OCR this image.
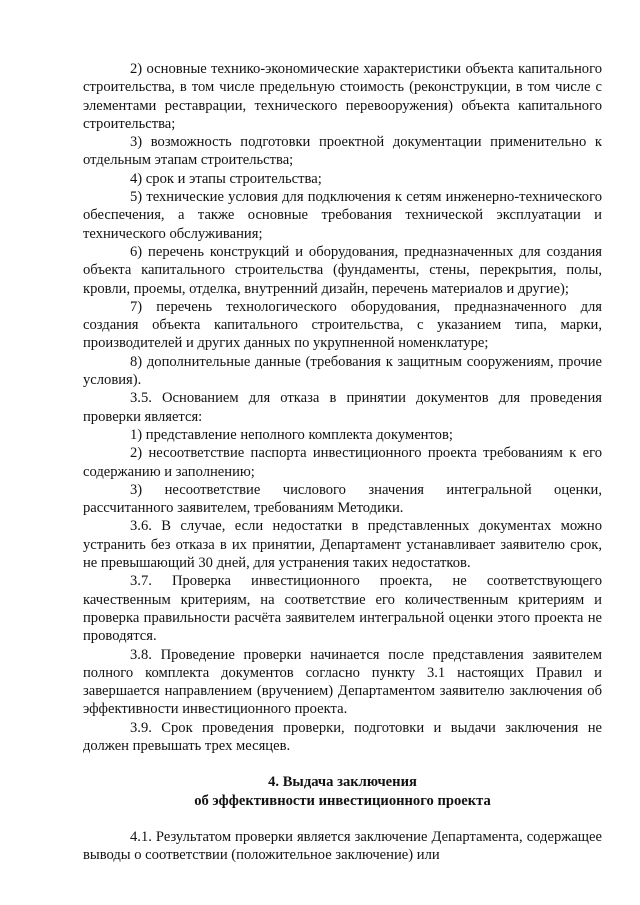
2) основные технико-экономические характеристики объекта капитального строительства, в том числе предельную стоимость (реконструкции, в том числе с элементами реставрации, технического перевооружения) объекта капитального строительства;

3) возможность подготовки проектной документации применительно к отдельным этапам строительства;

4) срок и этапы строительства;

5) технические условия для подключения к сетям инженерно-технического обеспечения, а также основные требования технической эксплуатации и технического обслуживания;

6) перечень конструкций и оборудования, предназначенных для создания объекта капитального строительства (фундаменты, стены, перекрытия, полы, кровли, проемы, отделка, внутренний дизайн, перечень материалов и другие);

7) перечень технологического оборудования, предназначенного для создания объекта капитального строительства, с указанием типа, марки, производителей и других данных по укрупненной номенклатуре;

8) дополнительные данные (требования к защитным сооружениям, прочие условия).

3.5. Основанием для отказа в принятии документов для проведения проверки является:

1) представление неполного комплекта документов;

2) несоответствие паспорта инвестиционного проекта требованиям к его содержанию и заполнению;

3) несоответствие числового значения интегральной оценки, рассчитанного заявителем, требованиям Методики.

3.6. В случае, если недостатки в представленных документах можно устранить без отказа в их принятии, Департамент устанавливает заявителю срок, не превышающий 30 дней, для устранения таких недостатков.

3.7. Проверка инвестиционного проекта, не соответствующего качественным критериям, на соответствие его количественным критериям и проверка правильности расчёта заявителем интегральной оценки этого проекта не проводятся.

3.8. Проведение проверки начинается после представления заявителем полного комплекта документов согласно пункту 3.1 настоящих Правил и завершается направлением (вручением) Департаментом заявителю заключения об эффективности инвестиционного проекта.

3.9. Срок проведения проверки, подготовки и выдачи заключения не должен превышать трех месяцев.

4. Выдача заключения

об эффективности инвестиционного проекта

4.1. Результатом проверки является заключение Департамента, содержащее выводы о соответствии (положительное заключение) или
